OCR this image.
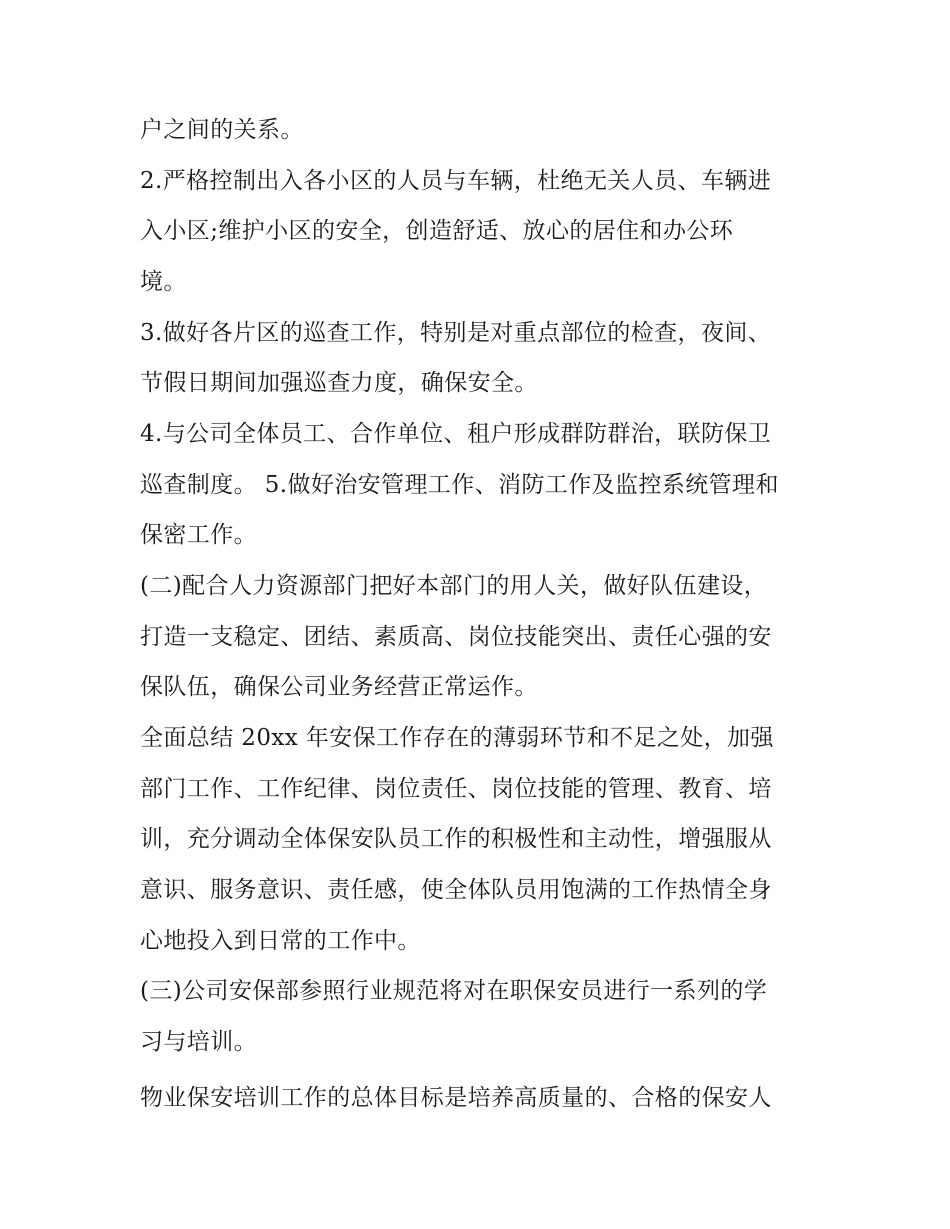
户之间的关系。
2.严格控制出入各小区的人员与车辆，杜绝无关人员、车辆进
入小区;维护小区的安全，创造舒适、放心的居住和办公环
境。
3.做好各片区的巡查工作，特别是对重点部位的检查，夜间、
节假日期间加强巡查力度，确保安全。
4.与公司全体员工、合作单位、租户形成群防群治，联防保卫
巡查制度。 5.做好治安管理工作、消防工作及监控系统管理和
保密工作。
(二)配合人力资源部门把好本部门的用人关，做好队伍建设，
打造一支稳定、团结、素质高、岗位技能突出、责任心强的安
保队伍，确保公司业务经营正常运作。
全面总结 20xx 年安保工作存在的薄弱环节和不足之处，加强
部门工作、工作纪律、岗位责任、岗位技能的管理、教育、培
训，充分调动全体保安队员工作的积极性和主动性，增强服从
意识、服务意识、责任感，使全体队员用饱满的工作热情全身
心地投入到日常的工作中。
(三)公司安保部参照行业规范将对在职保安员进行一系列的学
习与培训。
物业保安培训工作的总体目标是培养高质量的、合格的保安人
